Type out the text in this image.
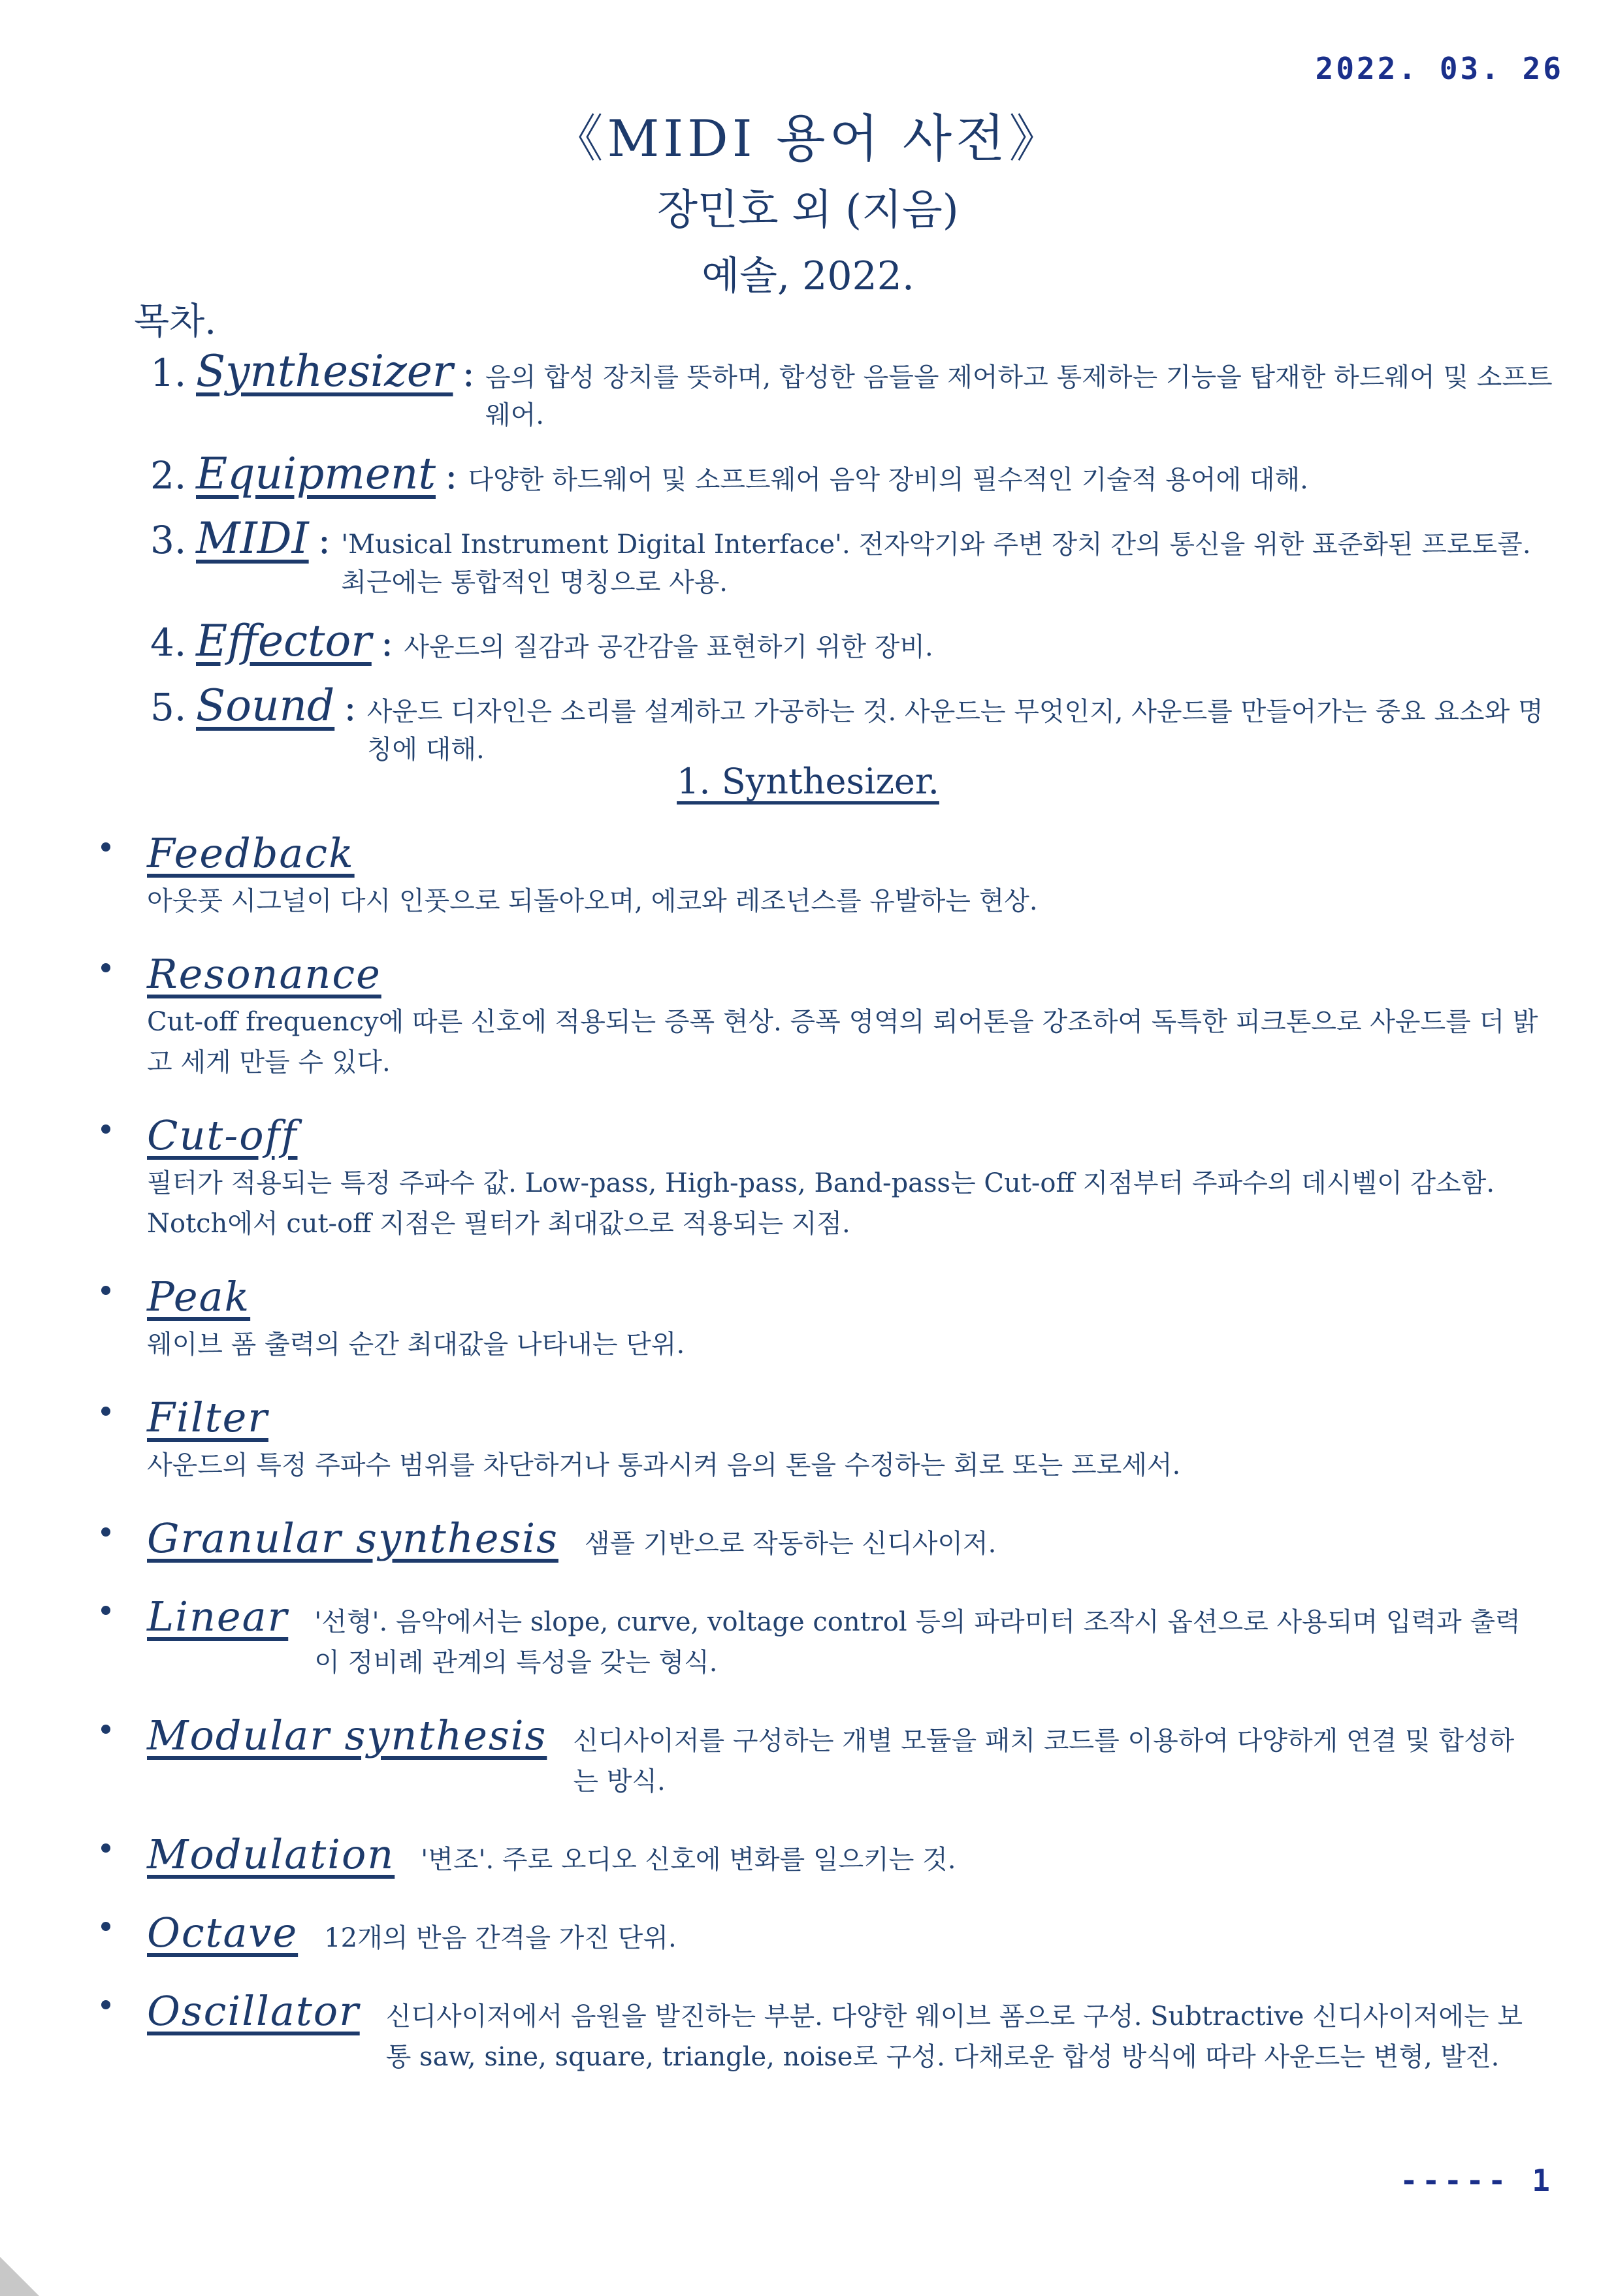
2022. 03. 26
《MIDI 용어 사전》
장민호 외 (지음)
예솔, 2022.
목차.
1. Synthesizer : 음의 합성 장치를 뜻하며, 합성한 음들을 제어하고 통제하는 기능을 탑재한 하드웨어 및 소프트웨어.
2. Equipment : 다양한 하드웨어 및 소프트웨어 음악 장비의 필수적인 기술적 용어에 대해.
3. MIDI : 'Musical Instrument Digital Interface'. 전자악기와 주변 장치 간의 통신을 위한 표준화된 프로토콜. 최근에는 통합적인 명칭으로 사용.
4. Effector : 사운드의 질감과 공간감을 표현하기 위한 장비.
5. Sound : 사운드 디자인은 소리를 설계하고 가공하는 것. 사운드는 무엇인지, 사운드를 만들어가는 중요 요소와 명칭에 대해.
1. Synthesizer.
Feedback
아웃풋 시그널이 다시 인풋으로 되돌아오며, 에코와 레조넌스를 유발하는 현상.
Resonance
Cut-off frequency에 따른 신호에 적용되는 증폭 현상. 증폭 영역의 뢰어톤을 강조하여 독특한 피크톤으로 사운드를 더 밝고 세게 만들 수 있다.
Cut-off
필터가 적용되는 특정 주파수 값. Low-pass, High-pass, Band-pass는 Cut-off 지점부터 주파수의 데시벨이 감소함. Notch에서 cut-off 지점은 필터가 최대값으로 적용되는 지점.
Peak
웨이브 폼 출력의 순간 최대값을 나타내는 단위.
Filter
사운드의 특정 주파수 범위를 차단하거나 통과시켜 음의 톤을 수정하는 회로 또는 프로세서.
Granular synthesis 샘플 기반으로 작동하는 신디사이저.
Linear '선형'. 음악에서는 slope, curve, voltage control 등의 파라미터 조작시 옵션으로 사용되며 입력과 출력이 정비례 관계의 특성을 갖는 형식.
Modular synthesis 신디사이저를 구성하는 개별 모듈을 패치 코드를 이용하여 다양하게 연결 및 합성하는 방식.
Modulation '변조'. 주로 오디오 신호에 변화를 일으키는 것.
Octave 12개의 반음 간격을 가진 단위.
Oscillator 신디사이저에서 음원을 발진하는 부분. 다양한 웨이브 폼으로 구성. Subtractive 신디사이저에는 보통 saw, sine, square, triangle, noise로 구성. 다채로운 합성 방식에 따라 사운드는 변형, 발전.
----- 1
